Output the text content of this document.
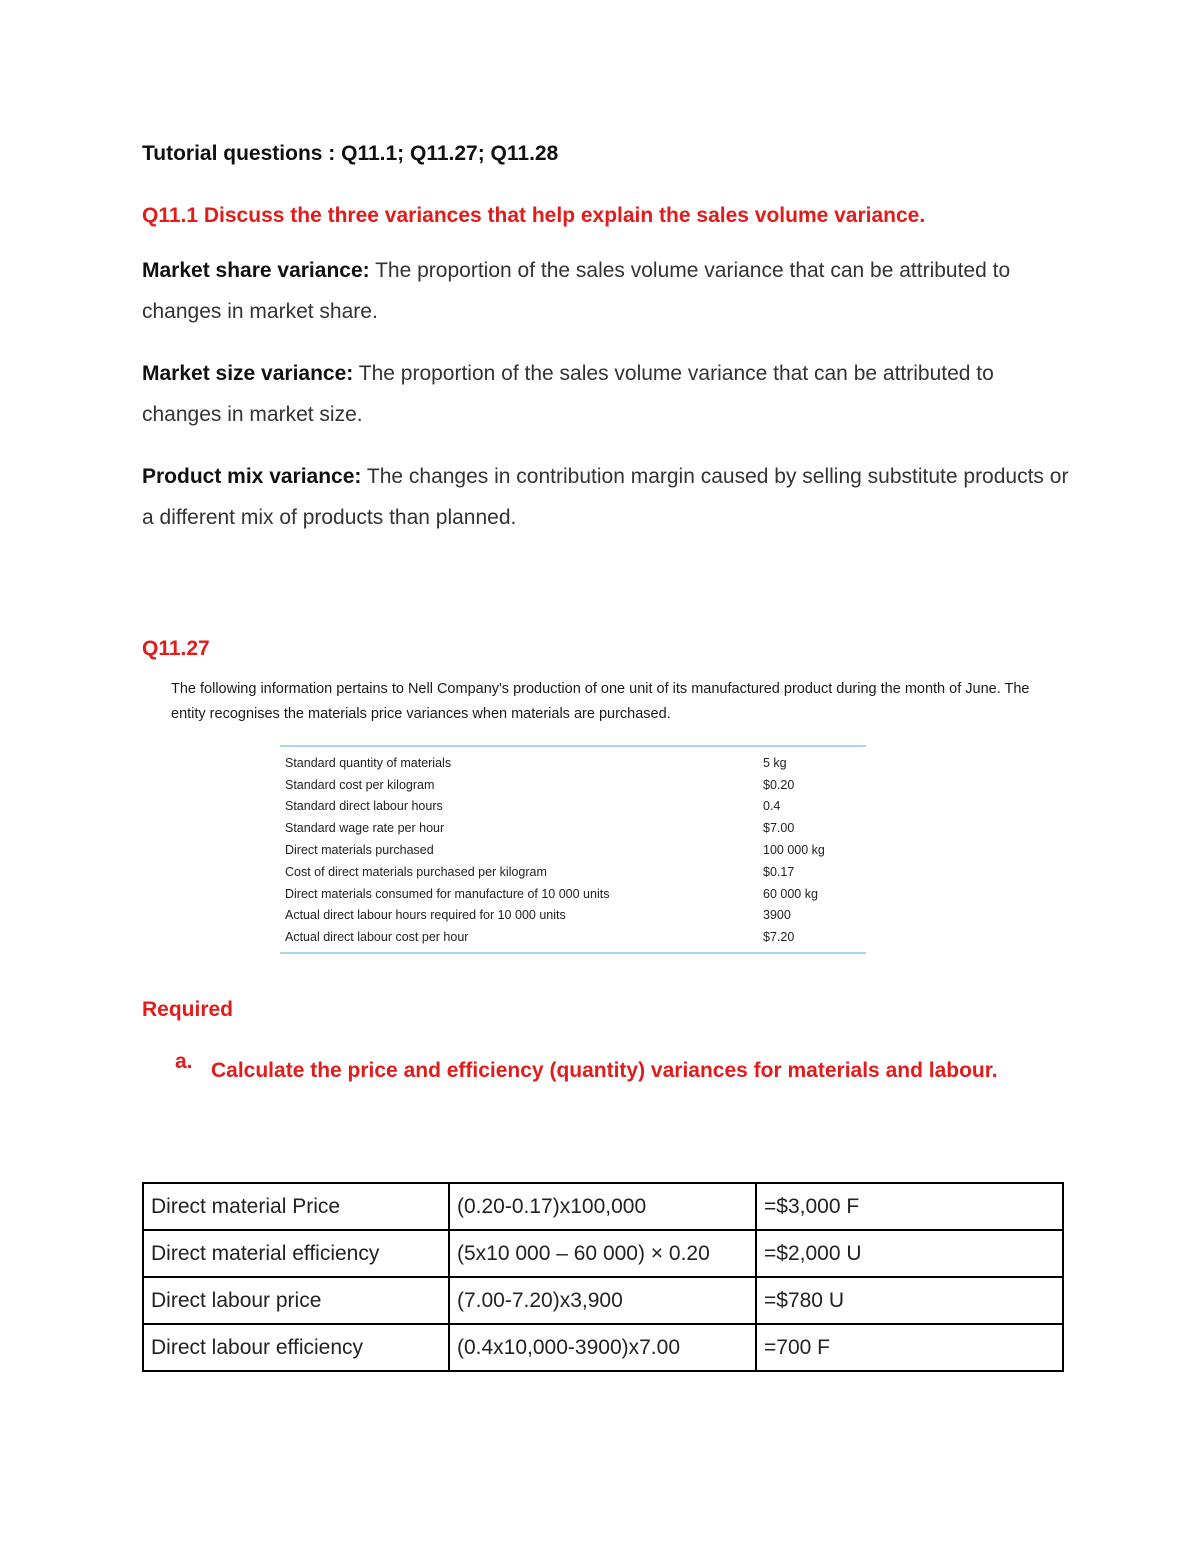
Tutorial questions : Q11.1; Q11.27; Q11.28
Q11.1 Discuss the three variances that help explain the sales volume variance.
Market share variance: The proportion of the sales volume variance that can be attributed to changes in market share.
Market size variance: The proportion of the sales volume variance that can be attributed to changes in market size.
Product mix variance: The changes in contribution margin caused by selling substitute products or a different mix of products than planned.
Q11.27
The following information pertains to Nell Company's production of one unit of its manufactured product during the month of June. The entity recognises the materials price variances when materials are purchased.
Standard quantity of materials	5 kg
Standard cost per kilogram	$0.20
Standard direct labour hours	0.4
Standard wage rate per hour	$7.00
Direct materials purchased	100 000 kg
Cost of direct materials purchased per kilogram	$0.17
Direct materials consumed for manufacture of 10 000 units	60 000 kg
Actual direct labour hours required for 10 000 units	3900
Actual direct labour cost per hour	$7.20
Required
a. Calculate the price and efficiency (quantity) variances for materials and labour.
Direct material Price	(0.20-0.17)x100,000	=$3,000 F
Direct material efficiency	(5x10 000 – 60 000) × 0.20	=$2,000 U
Direct labour price	(7.00-7.20)x3,900	=$780 U
Direct labour efficiency	(0.4x10,000-3900)x7.00	=700 F
